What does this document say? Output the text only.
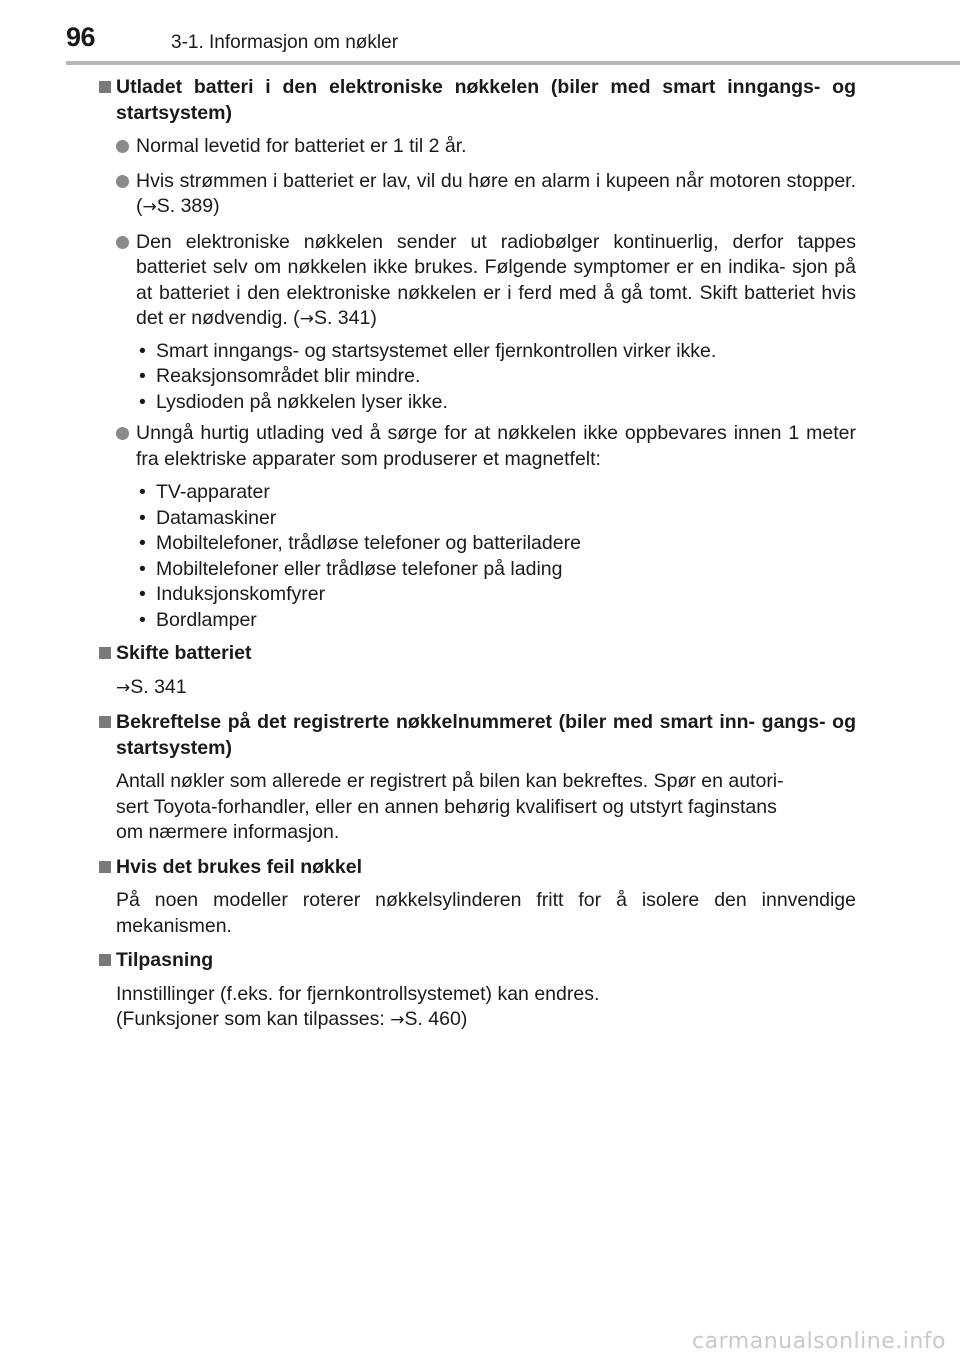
96	3-1. Informasjon om nøkler
Utladet batteri i den elektroniske nøkkelen (biler med smart inngangs- og startsystem)
Normal levetid for batteriet er 1 til 2 år.
Hvis strømmen i batteriet er lav, vil du høre en alarm i kupeen når motoren stopper. (→S. 389)
Den elektroniske nøkkelen sender ut radiobølger kontinuerlig, derfor tappes batteriet selv om nøkkelen ikke brukes. Følgende symptomer er en indika- sjon på at batteriet i den elektroniske nøkkelen er i ferd med å gå tomt. Skift batteriet hvis det er nødvendig. (→S. 341)
• Smart inngangs- og startsystemet eller fjernkontrollen virker ikke.
• Reaksjonsområdet blir mindre.
• Lysdioden på nøkkelen lyser ikke.
Unngå hurtig utlading ved å sørge for at nøkkelen ikke oppbevares innen 1 meter fra elektriske apparater som produserer et magnetfelt:
• TV-apparater
• Datamaskiner
• Mobiltelefoner, trådløse telefoner og batteriladere
• Mobiltelefoner eller trådløse telefoner på lading
• Induksjonskomfyrer
• Bordlamper
Skifte batteriet
→S. 341
Bekreftelse på det registrerte nøkkelnummeret (biler med smart inn- gangs- og startsystem)
Antall nøkler som allerede er registrert på bilen kan bekreftes. Spør en autori-
sert Toyota-forhandler, eller en annen behørig kvalifisert og utstyrt faginstans
om nærmere informasjon.
Hvis det brukes feil nøkkel
På noen modeller roterer nøkkelsylinderen fritt for å isolere den innvendige mekanismen.
Tilpasning
Innstillinger (f.eks. for fjernkontrollsystemet) kan endres.
(Funksjoner som kan tilpasses: →S. 460)
carmanualsonline.info
